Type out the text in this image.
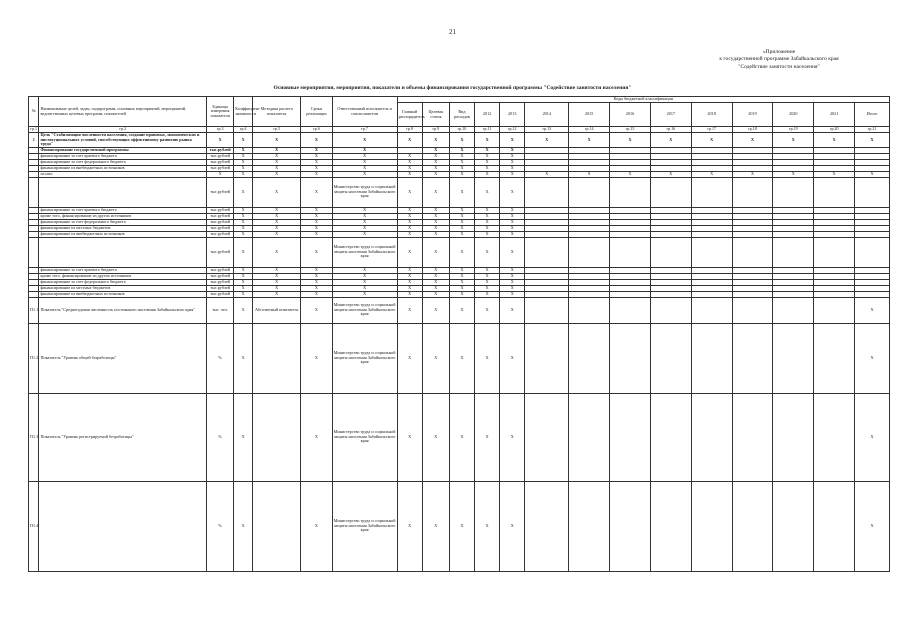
21
«Приложение
к государственной программе Забайкальского края
"Содействие занятости населения"
Основные мероприятия, мероприятия, показатели и объемы финансирования государственной программы "Содействие занятости населения"
№	Наименование целей, задач, подпрограмм, основных мероприятий, мероприятий, ведомственных целевых программ, показателей	Единица измерения показателя	Коэффициент значимости	Методика расчета показателя	Сроки реализации	Ответственный исполнитель и соисполнители	Коды бюджетной классификации													
							Главный распорядитель	Целевая статья	Вид расходов	2012	2013	2014	2015	2016	2017	2018	2019	2020	2021	Итого
гр.1	гр.2	гр.3	гр.4	гр.5	гр.6	гр.7	гр.8	гр.9	гр.10	гр.11	гр.12	гр.13	гр.14	гр.15	гр.16	гр.17	гр.18	гр.19	гр.20	гр.21
1	Цель "Стабилизация численности населения, создание правовых, экономических и институциональных условий, способствующих эффективному развитию рынка труда"	Х	Х	Х	Х	Х	Х	Х	Х	Х	Х	Х	Х	Х	Х	Х	Х	Х	Х	Х
	Финансирование государственной программы	тыс.рублей	Х	Х	Х	Х		Х	Х	Х	Х									
	финансирование за счет краевого бюджета	тыс.рублей	Х	Х	Х	Х	Х	Х	Х	Х	Х									
	финансирование за счет федерального бюджета	тыс.рублей	Х	Х	Х	Х	Х	Х	Х	Х	Х									
	финансирование из внебюджетных источников	тыс.рублей	Х	Х	Х	Х	Х	Х	Х	Х	Х									
	из них:	Х	Х	Х	Х	Х	Х	Х	Х	Х	Х	Х	Х	Х	Х	Х	Х	Х	Х	Х
		тыс.рублей	Х	Х	Х	Министерство труда и социальной защиты населения Забайкальского края	Х	Х	Х	Х	Х									
	финансирование за счет краевого бюджета	тыс.рублей	Х	Х	Х	Х	Х	Х	Х	Х	Х									
	кроме того, финансирование из других источников	тыс.рублей	Х	Х	Х	Х	Х	Х	Х	Х	Х									
	финансирование за счет федерального бюджета	тыс.рублей	Х	Х	Х	Х	Х	Х	Х	Х	Х									
	финансирование из местных бюджетов	тыс.рублей	Х	Х	Х	Х	Х	Х	Х	Х	Х									
	финансирование из внебюджетных источников	тыс.рублей	Х	Х	Х	Х	Х	Х	Х	Х	Х									
		тыс.рублей	Х	Х	Х	Министерство труда и социальной защиты населения Забайкальского края	Х	Х	Х	Х	Х									
	финансирование за счет краевого бюджета	тыс.рублей	Х	Х	Х	Х	Х	Х	Х	Х	Х									
	кроме того, финансирование из других источников	тыс.рублей	Х	Х	Х	Х	Х	Х	Х	Х	Х									
	финансирование за счет федерального бюджета	тыс.рублей	Х	Х	Х	Х	Х	Х	Х	Х	Х									
	финансирование из местных бюджетов	тыс.рублей	Х	Х	Х	Х	Х	Х	Х	Х	Х									
	финансирование из внебюджетных источников	тыс.рублей	Х	Х	Х	Х	Х	Х	Х	Х	Х									
П1.1	Показатель "Среднегодовая численность постоянного населения Забайкальского края"	тыс. чел.	Х	Абсолютный показатель	Х	Министерство труда и социальной защиты населения Забайкальского края	Х	Х	Х	Х	Х									Х
П1.2	Показатель "Уровень общей безработицы"	%	Х		Х	Министерство труда и социальной защиты населения Забайкальского края	Х	Х	Х	Х	Х									Х
П1.3	Показатель "Уровень регистрируемой безработицы"	%	Х		Х	Министерство труда и социальной защиты населения Забайкальского края	Х	Х	Х	Х	Х									Х
П1.4		%	Х		Х	Министерство труда и социальной защиты населения Забайкальского края	Х	Х	Х	Х	Х									Х
